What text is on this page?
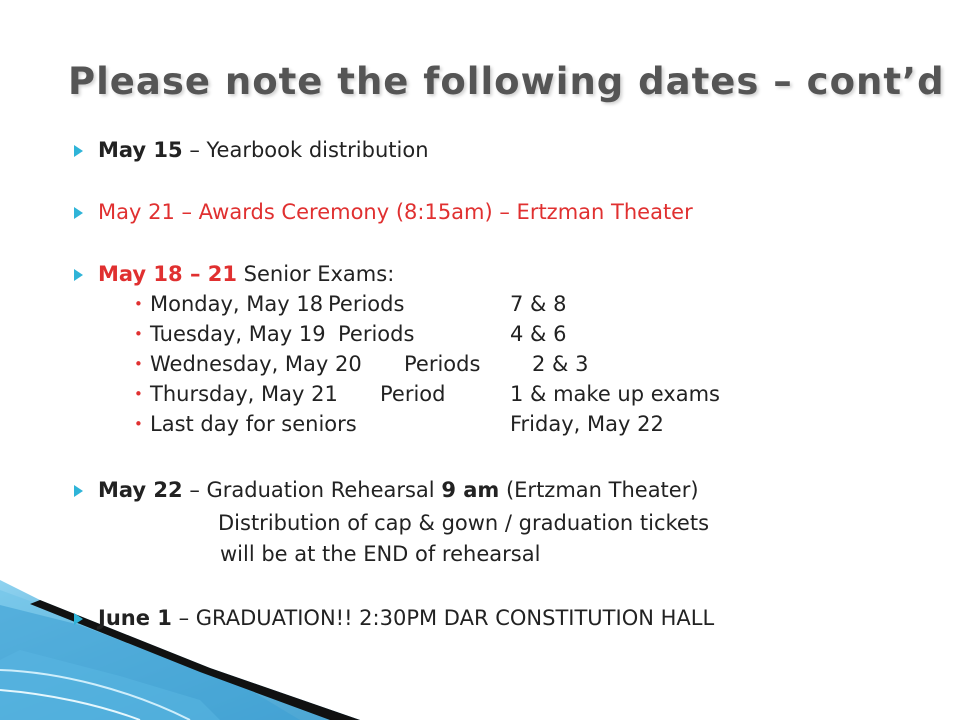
Please note the following dates – cont’d
May 15 – Yearbook distribution
May 21 – Awards Ceremony (8:15am) – Ertzman Theater
May 18 – 21 Senior Exams:
• Monday, May 18 Periods	7 & 8
• Tuesday, May 19 Periods	4 & 6
• Wednesday, May 20 Periods 2 & 3
• Thursday, May 21 Period	1 & make up exams
• Last day for seniors	Friday, May 22
May 22 – Graduation Rehearsal 9 am (Ertzman Theater)
Distribution of cap & gown / graduation tickets
will be at the END of rehearsal
June 1 – GRADUATION!! 2:30PM DAR CONSTITUTION HALL
